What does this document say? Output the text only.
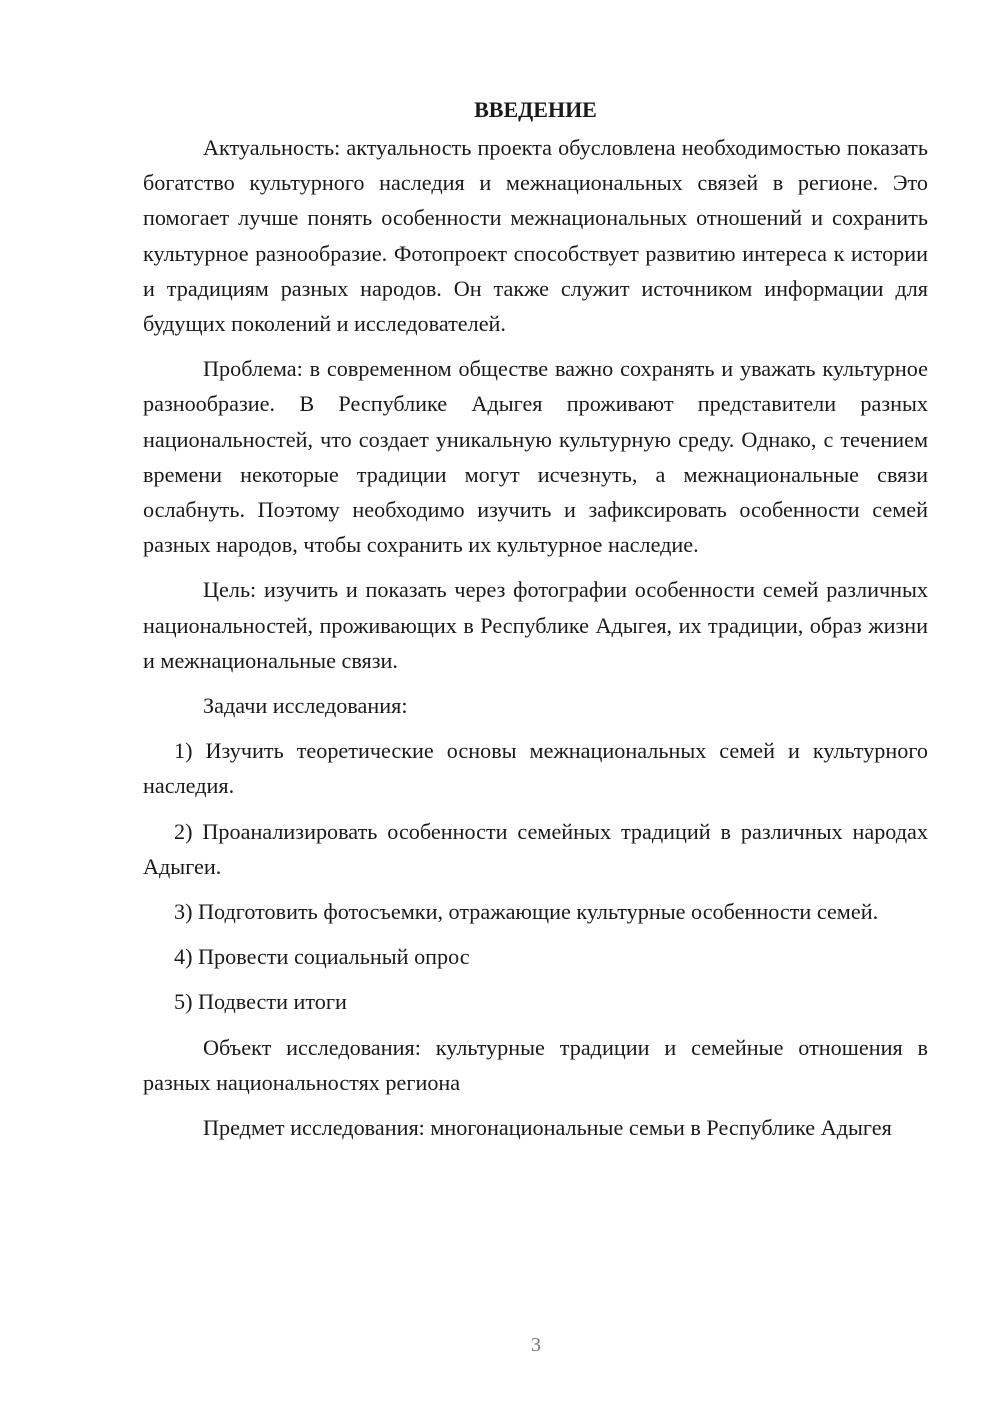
ВВЕДЕНИЕ

Актуальность: актуальность проекта обусловлена необходимостью показать богатство культурного наследия и межнациональных связей в регионе. Это помогает лучше понять особенности межнациональных отношений и сохранить культурное разнообразие. Фотопроект способствует развитию интереса к истории и традициям разных народов. Он также служит источником информации для будущих поколений и исследователей.

Проблема: в современном обществе важно сохранять и уважать культурное разнообразие. В Республике Адыгея проживают представители разных национальностей, что создает уникальную культурную среду. Однако, с течением времени некоторые традиции могут исчезнуть, а межнациональные связи ослабнуть. Поэтому необходимо изучить и зафиксировать особенности семей разных народов, чтобы сохранить их культурное наследие.

Цель: изучить и показать через фотографии особенности семей различных национальностей, проживающих в Республике Адыгея, их традиции, образ жизни и межнациональные связи.

Задачи исследования:

1) Изучить теоретические основы межнациональных семей и культурного наследия.

2) Проанализировать особенности семейных традиций в различных народах Адыгеи.

3) Подготовить фотосъемки, отражающие культурные особенности семей.

4) Провести социальный опрос

5) Подвести итоги

Объект исследования: культурные традиции и семейные отношения в разных национальностях региона

Предмет исследования: многонациональные семьи в Республике Адыгея

3
